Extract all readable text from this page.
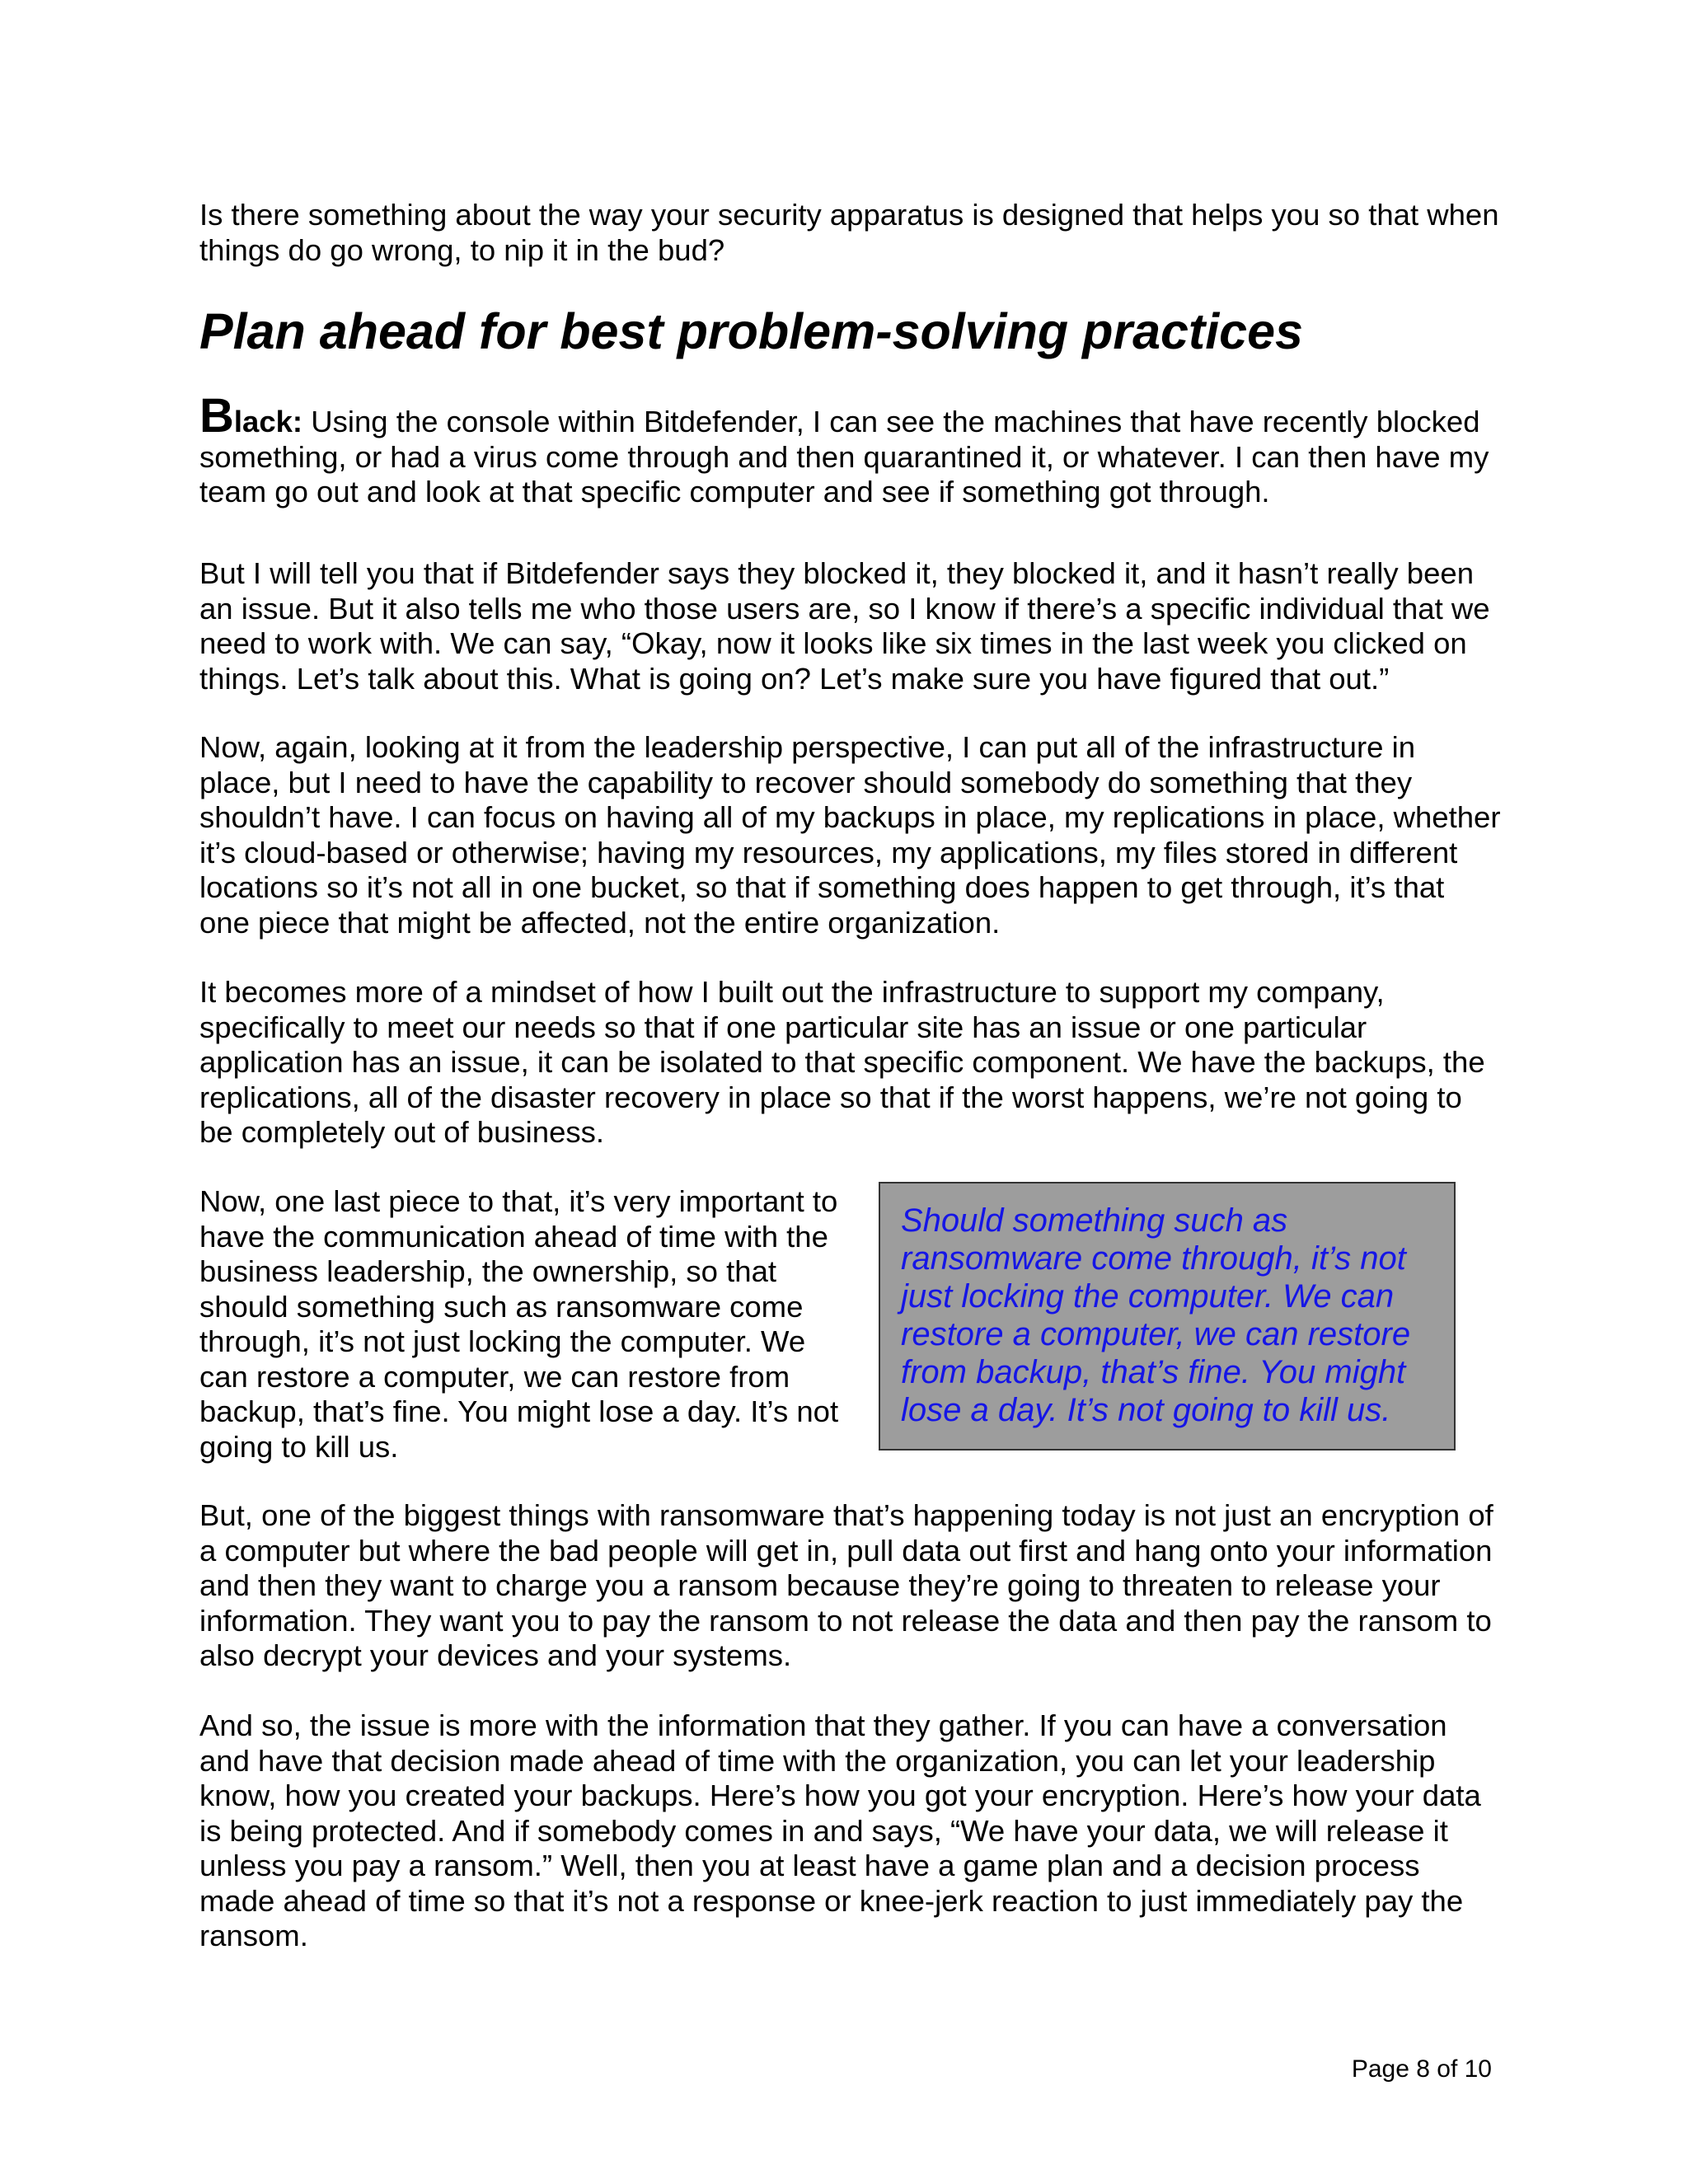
Is there something about the way your security apparatus is designed that helps you so that when things do go wrong, to nip it in the bud?

Plan ahead for best problem-solving practices

Black: Using the console within Bitdefender, I can see the machines that have recently blocked something, or had a virus come through and then quarantined it, or whatever. I can then have my team go out and look at that specific computer and see if something got through.

But I will tell you that if Bitdefender says they blocked it, they blocked it, and it hasn’t really been an issue. But it also tells me who those users are, so I know if there’s a specific individual that we need to work with. We can say, “Okay, now it looks like six times in the last week you clicked on things. Let’s talk about this. What is going on? Let’s make sure you have figured that out.”

Now, again, looking at it from the leadership perspective, I can put all of the infrastructure in place, but I need to have the capability to recover should somebody do something that they shouldn’t have. I can focus on having all of my backups in place, my replications in place, whether it’s cloud-based or otherwise; having my resources, my applications, my files stored in different locations so it’s not all in one bucket, so that if something does happen to get through, it’s that one piece that might be affected, not the entire organization.

It becomes more of a mindset of how I built out the infrastructure to support my company, specifically to meet our needs so that if one particular site has an issue or one particular application has an issue, it can be isolated to that specific component. We have the backups, the replications, all of the disaster recovery in place so that if the worst happens, we’re not going to be completely out of business.

Now, one last piece to that, it’s very important to have the communication ahead of time with the business leadership, the ownership, so that should something such as ransomware come through, it’s not just locking the computer. We can restore a computer, we can restore from backup, that’s fine. You might lose a day. It’s not going to kill us.

Should something such as ransomware come through, it’s not just locking the computer. We can restore a computer, we can restore from backup, that’s fine. You might lose a day. It’s not going to kill us.

But, one of the biggest things with ransomware that’s happening today is not just an encryption of a computer but where the bad people will get in, pull data out first and hang onto your information and then they want to charge you a ransom because they’re going to threaten to release your information. They want you to pay the ransom to not release the data and then pay the ransom to also decrypt your devices and your systems.

And so, the issue is more with the information that they gather. If you can have a conversation and have that decision made ahead of time with the organization, you can let your leadership know, how you created your backups. Here’s how you got your encryption. Here’s how your data is being protected. And if somebody comes in and says, “We have your data, we will release it unless you pay a ransom.” Well, then you at least have a game plan and a decision process made ahead of time so that it’s not a response or knee-jerk reaction to just immediately pay the ransom.

Page 8 of 10
